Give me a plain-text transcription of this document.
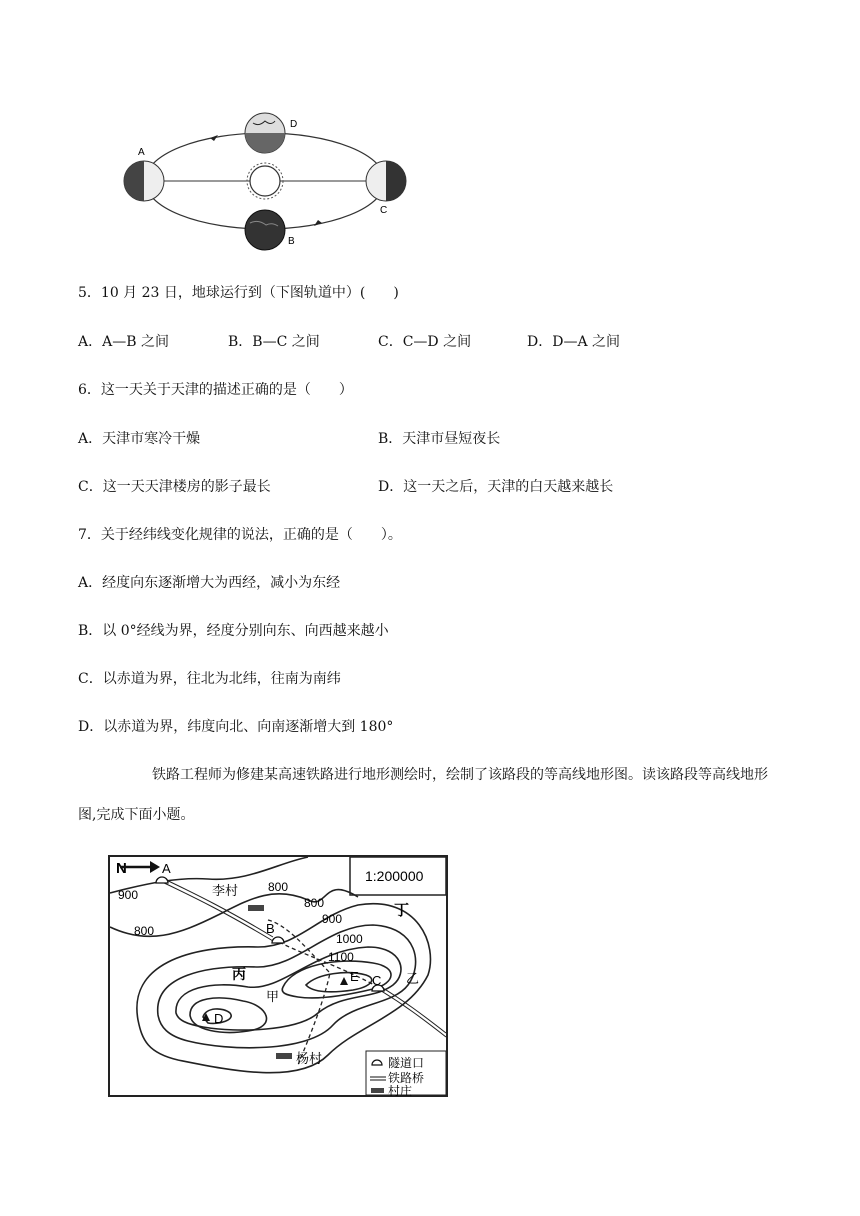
A
B
C
D
5．10 月 23 日，地球运行到（下图轨道中）(　　)
A．A—B 之间	B．B—C 之间	C．C—D 之间	D．D—A 之间
6．这一天关于天津的描述正确的是（　　）
A．天津市寒冷干燥	B．天津市昼短夜长
C．这一天天津楼房的影子最长	D．这一天之后，天津的白天越来越长
7．关于经纬线变化规律的说法，正确的是（　　）。
A．经度向东逐渐增大为西经，减小为东经
B．以 0°经线为界，经度分别向东、向西越来越小
C．以赤道为界，往北为北纬，往南为南纬
D．以赤道为界，纬度向北、向南逐渐增大到 180°
铁路工程师为修建某高速铁路进行地形测绘时，绘制了该路段的等高线地形图。读该路段等高线地形图,完成下面小题。
1:200000
N	A
B
C
D
E
李村
杨村
丙
甲
丁
乙
900
800
800
800
900
1000
1100
隧道口
铁路桥
村庄
